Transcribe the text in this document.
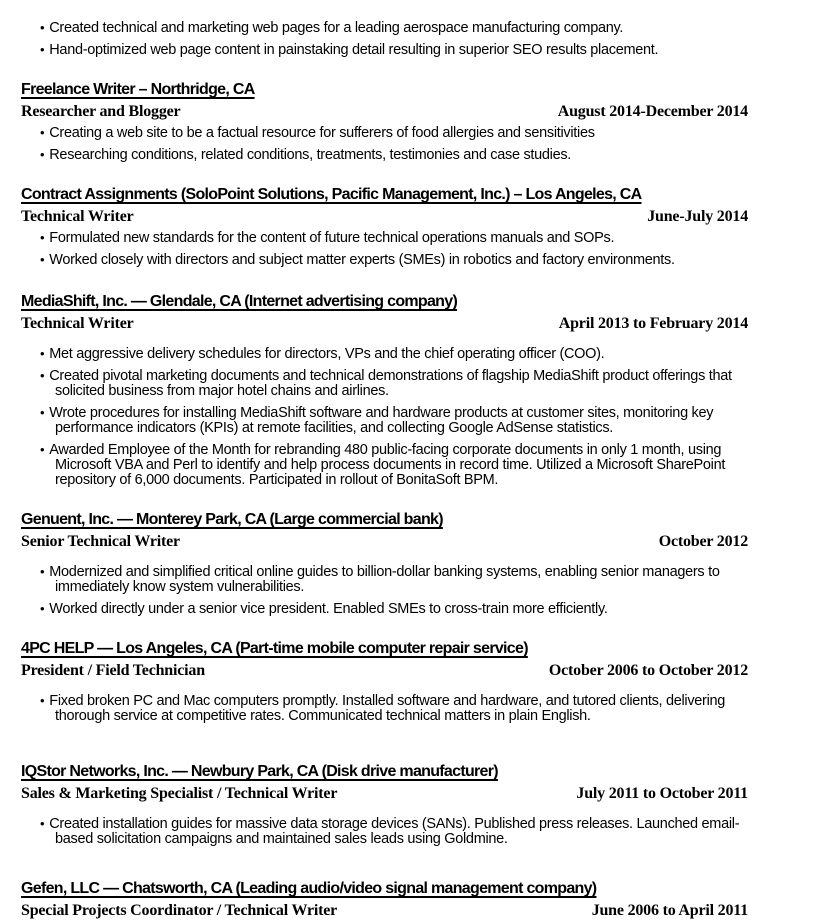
• Created technical and marketing web pages for a leading aerospace manufacturing company.
• Hand-optimized web page content in painstaking detail resulting in superior SEO results placement.
Freelance Writer – Northridge, CA
Researcher and Blogger	August 2014-December 2014
• Creating a web site to be a factual resource for sufferers of food allergies and sensitivities
• Researching conditions, related conditions, treatments, testimonies and case studies.
Contract Assignments (SoloPoint Solutions, Pacific Management, Inc.) – Los Angeles, CA
Technical Writer	June-July 2014
• Formulated new standards for the content of future technical operations manuals and SOPs.
• Worked closely with directors and subject matter experts (SMEs) in robotics and factory environments.
MediaShift, Inc. — Glendale, CA (Internet advertising company)
Technical Writer	April 2013 to February 2014
• Met aggressive delivery schedules for directors, VPs and the chief operating officer (COO).
• Created pivotal marketing documents and technical demonstrations of flagship MediaShift product offerings that solicited business from major hotel chains and airlines.
• Wrote procedures for installing MediaShift software and hardware products at customer sites, monitoring key performance indicators (KPIs) at remote facilities, and collecting Google AdSense statistics.
• Awarded Employee of the Month for rebranding 480 public-facing corporate documents in only 1 month, using Microsoft VBA and Perl to identify and help process documents in record time. Utilized a Microsoft SharePoint repository of 6,000 documents. Participated in rollout of BonitaSoft BPM.
Genuent, Inc. — Monterey Park, CA (Large commercial bank)
Senior Technical Writer	October 2012
• Modernized and simplified critical online guides to billion-dollar banking systems, enabling senior managers to immediately know system vulnerabilities.
• Worked directly under a senior vice president. Enabled SMEs to cross-train more efficiently.
4PC HELP — Los Angeles, CA (Part-time mobile computer repair service)
President / Field Technician	October 2006 to October 2012
• Fixed broken PC and Mac computers promptly. Installed software and hardware, and tutored clients, delivering thorough service at competitive rates. Communicated technical matters in plain English.
IQStor Networks, Inc. — Newbury Park, CA (Disk drive manufacturer)
Sales & Marketing Specialist / Technical Writer	July 2011 to October 2011
• Created installation guides for massive data storage devices (SANs). Published press releases. Launched email-based solicitation campaigns and maintained sales leads using Goldmine.
Gefen, LLC — Chatsworth, CA (Leading audio/video signal management company)
Special Projects Coordinator / Technical Writer	June 2006 to April 2011
